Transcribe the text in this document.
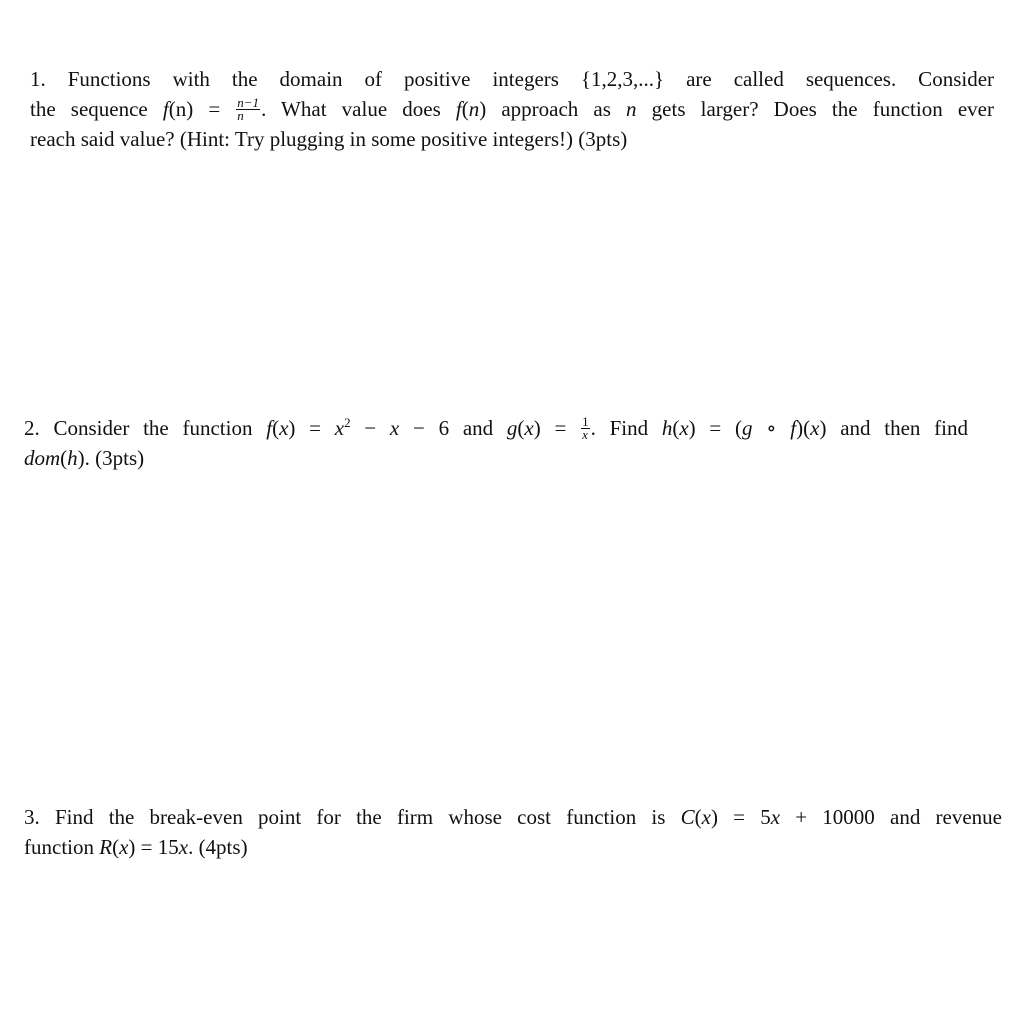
1. Functions with the domain of positive integers {1,2,3,...} are called sequences. Consider
the sequence $f(n) = \frac{n-1}{n}$ . What value does f(n) approach as n gets larger? Does the function ever
reach said value? (Hint: Try plugging in some positive integers!) (3pts)
2. Consider the function $f(x) = x^2 - x - 6$ and $g(x) = \frac{1}{x}$ . Find h(x) = (g ∘ f)(x) and then find
dom(h). (3pts)
3. Find the break-even point for the firm whose cost function is C(x) = 5x + 10000 and revenue
function R(x) = 15x. (4pts)
